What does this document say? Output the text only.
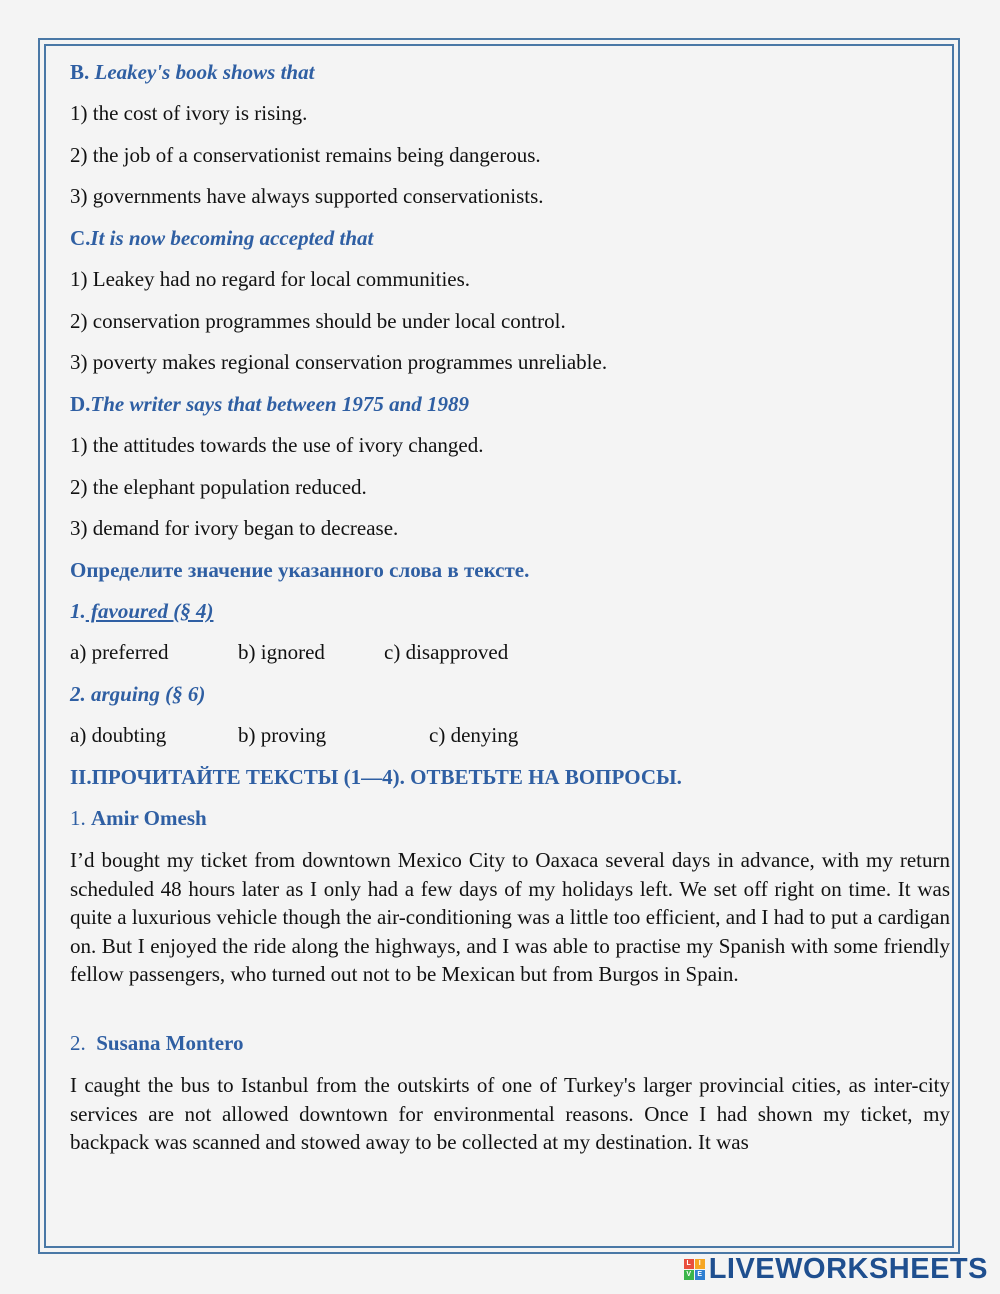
B. Leakey's book shows that
1) the cost of ivory is rising.
2) the job of a conservationist remains being dangerous.
3) governments have always supported conservationists.
C.It is now becoming accepted that
1) Leakey had no regard for local communities.
2) conservation programmes should be under local control.
3) poverty makes regional conservation programmes unreliable.
D.The writer says that between 1975 and 1989
1) the attitudes towards the use of ivory changed.
2) the elephant population reduced.
3) demand for ivory began to decrease.
Определите значение указанного слова в тексте.
1. favoured (§ 4)
a) preferred	b) ignored	c) disapproved
2. arguing (§ 6)
a) doubting	b) proving	c) denying
II.ПРОЧИТАЙТЕ ТЕКСТЫ (1—4). ОТВЕТЬТЕ НА ВОПРОСЫ.
1. Amir Omesh
I’d bought my ticket from downtown Mexico City to Oaxaca several days in advance, with my return scheduled 48 hours later as I only had a few days of my holidays left. We set off right on time. It was quite a luxurious vehicle though the air-conditioning was a little too efficient, and I had to put a cardigan on. But I enjoyed the ride along the highways, and I was able to practise my Spanish with some friendly fellow passengers, who turned out not to be Mexican but from Burgos in Spain.
2. Susana Montero
I caught the bus to Istanbul from the outskirts of one of Turkey's larger provincial cities, as inter-city services are not allowed downtown for environmental reasons. Once I had shown my ticket, my backpack was scanned and stowed away to be collected at my destination. It was
L	I
V E LIVEWORKSHEETS
